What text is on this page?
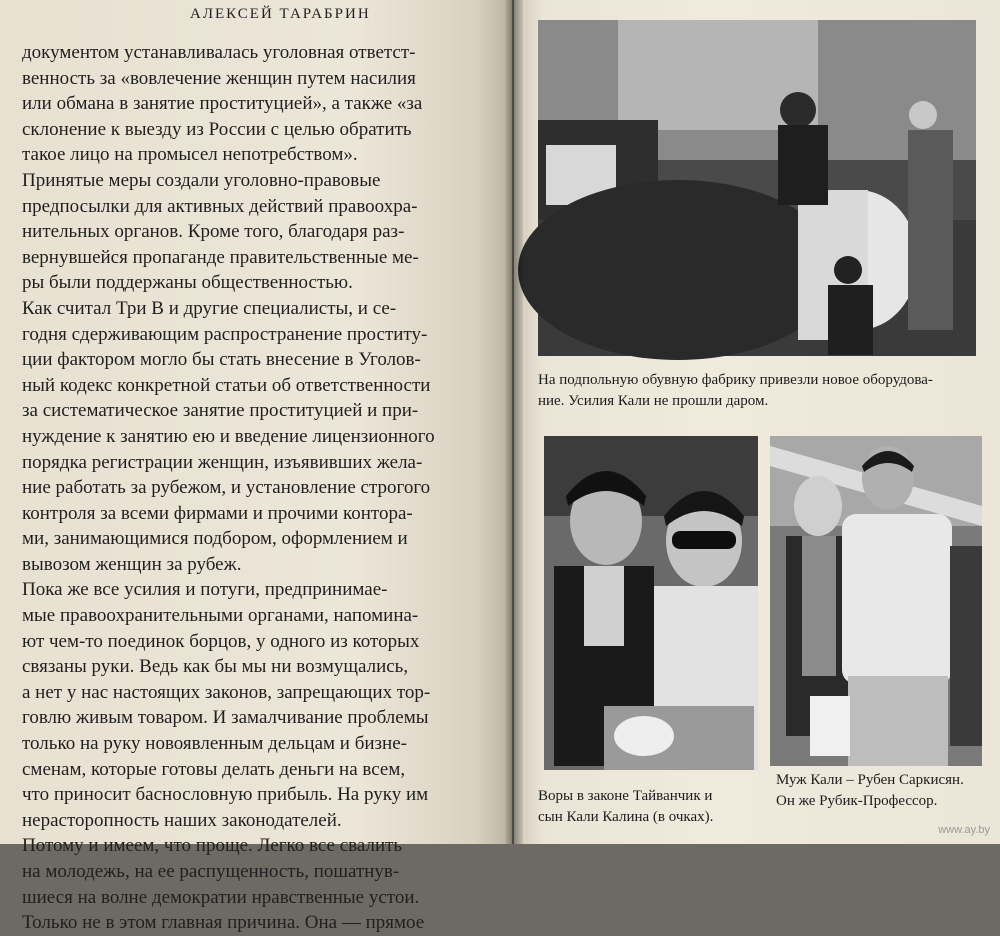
АЛЕКСЕЙ ТАРАБРИН

документом устанавливалась уголовная ответст-
венность за «вовлечение женщин путем насилия
или обмана в занятие проституцией», а также «за
склонение к выезду из России с целью обратить
такое лицо на промысел непотребством».

Принятые меры создали уголовно-правовые
предпосылки для активных действий правоохра-
нительных органов. Кроме того, благодаря раз-
вернувшейся пропаганде правительственные ме-
ры были поддержаны общественностью.

Как считал Три В и другие специалисты, и се-
годня сдерживающим распространение проститу-
ции фактором могло бы стать внесение в Уголов-
ный кодекс конкретной статьи об ответственности
за систематическое занятие проституцией и при-
нуждение к занятию ею и введение лицензионного
порядка регистрации женщин, изъявивших жела-
ние работать за рубежом, и установление строгого
контроля за всеми фирмами и прочими контора-
ми, занимающимися подбором, оформлением и
вывозом женщин за рубеж.

Пока же все усилия и потуги, предпринимае-
мые правоохранительными органами, напомина-
ют чем-то поединок борцов, у одного из которых
связаны руки. Ведь как бы мы ни возмущались,
а нет у нас настоящих законов, запрещающих тор-
говлю живым товаром. И замалчивание проблемы
только на руку новоявленным дельцам и бизне-
сменам, которые готовы делать деньги на всем,
что приносит баснословную прибыль. На руку им
нерасторопность наших законодателей.

Потому и имеем, что проще. Легко все свалить
на молодежь, на ее распущенность, пошатнув-
шиеся на волне демократии нравственные устои.
Только не в этом главная причина. Она — прямое

На подпольную обувную фабрику привезли новое оборудова-
ние. Усилия Кали не прошли даром.
Воры в законе Тайванчик и
сын Кали Калина (в очках).
Муж Кали – Рубен Саркисян.
Он же Рубик-Профессор.
www.ay.by
